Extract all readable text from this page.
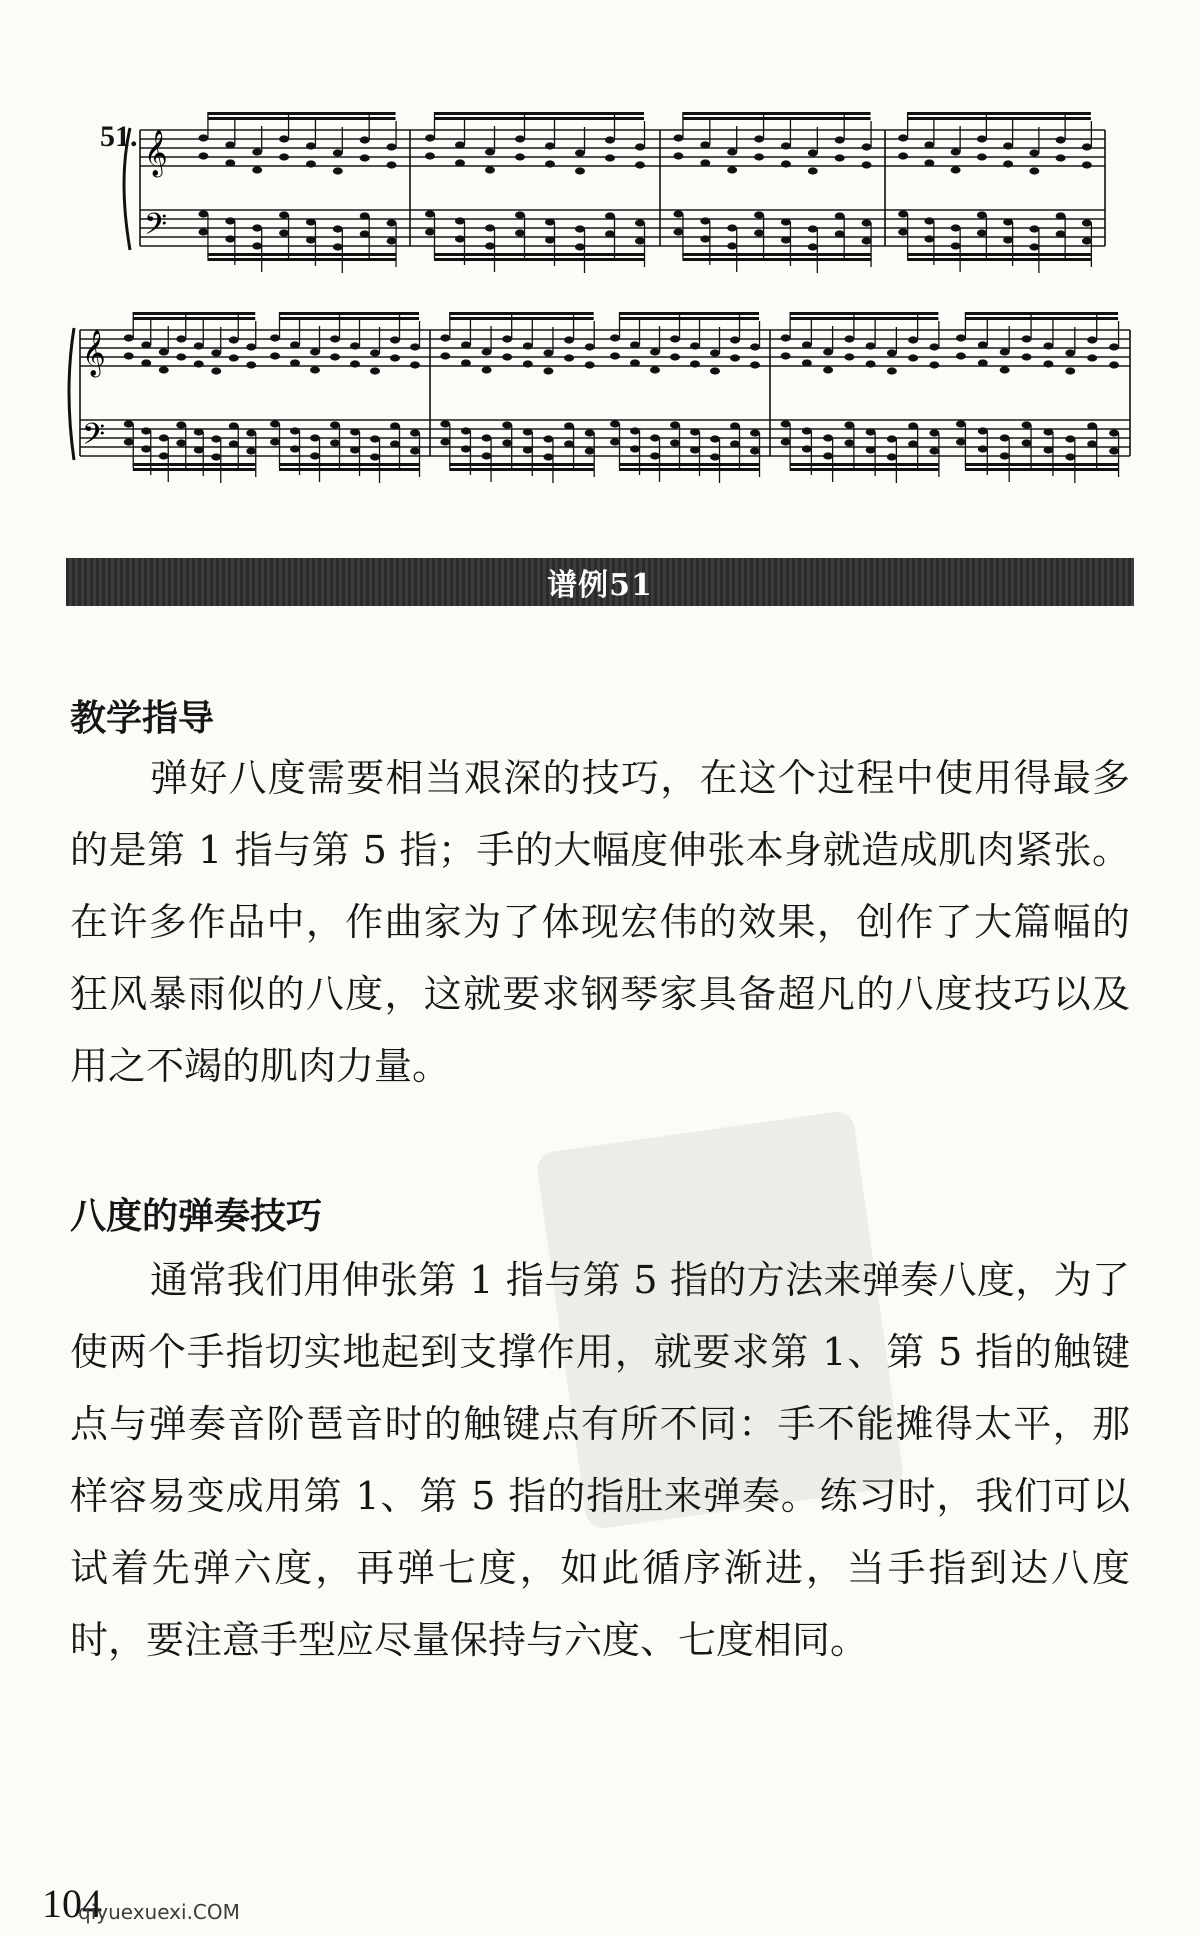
𝄞
𝄢
𝄞
𝄢
51.
谱例51
教学指导

弹好八度需要相当艰深的技巧，在这个过程中使用得最多的是第 1 指与第 5 指；手的大幅度伸张本身就造成肌肉紧张。在许多作品中，作曲家为了体现宏伟的效果，创作了大篇幅的狂风暴雨似的八度，这就要求钢琴家具备超凡的八度技巧以及用之不竭的肌肉力量。

八度的弹奏技巧

通常我们用伸张第 1 指与第 5 指的方法来弹奏八度，为了使两个手指切实地起到支撑作用，就要求第 1、第 5 指的触键点与弹奏音阶琶音时的触键点有所不同：手不能摊得太平，那样容易变成用第 1、第 5 指的指肚来弹奏。练习时，我们可以试着先弹六度，再弹七度，如此循序渐进，当手指到达八度时，要注意手型应尽量保持与六度、七度相同。

104
qiyuexuexi.COM
